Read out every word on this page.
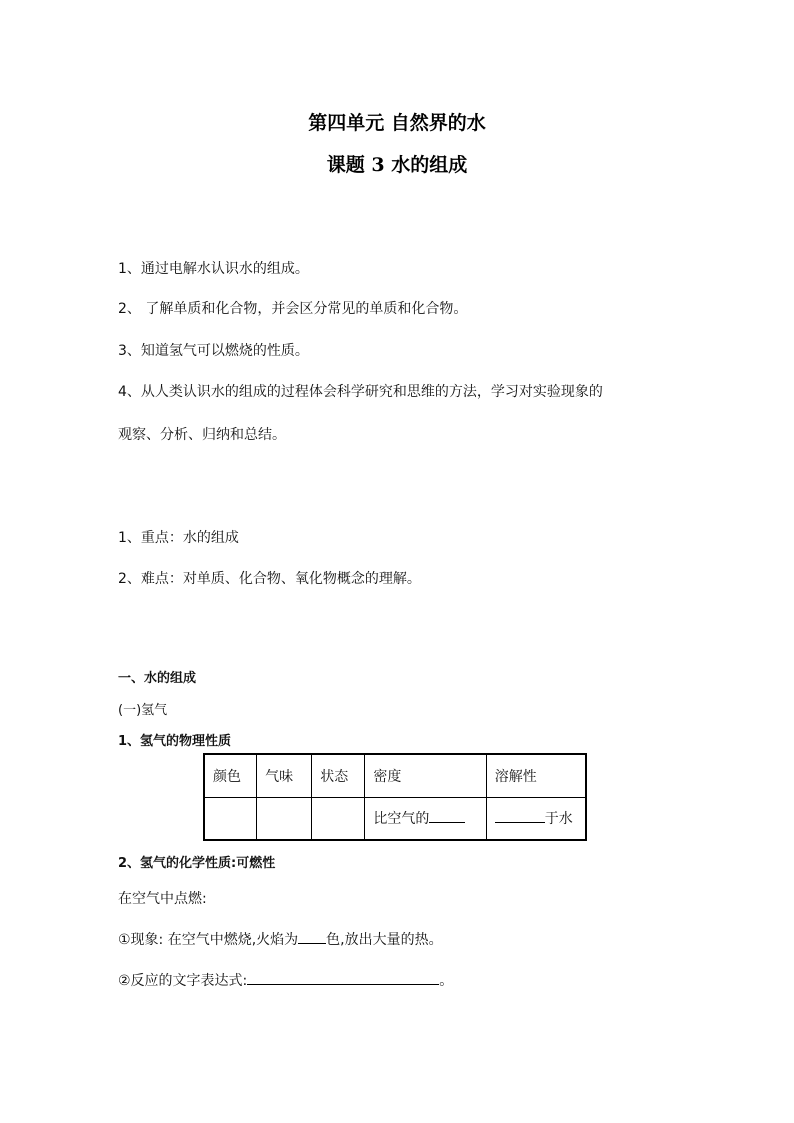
第四单元 自然界的水
课题 3 水的组成
1、通过电解水认识水的组成。
2、 了解单质和化合物，并会区分常见的单质和化合物。
3、知道氢气可以燃烧的性质。
4、从人类认识水的组成的过程体会科学研究和思维的方法，学习对实验现象的
观察、分析、归纳和总结。
1、重点：水的组成
2、难点：对单质、化合物、氧化物概念的理解。
一、水的组成
(一)氢气
1、氢气的物理性质
颜色	气味	状态	密度	溶解性
			比空气的	于水
2、氢气的化学性质:可燃性
在空气中点燃:
①现象: 在空气中燃烧,火焰为 色,放出大量的热。
②反应的文字表达式:	。
